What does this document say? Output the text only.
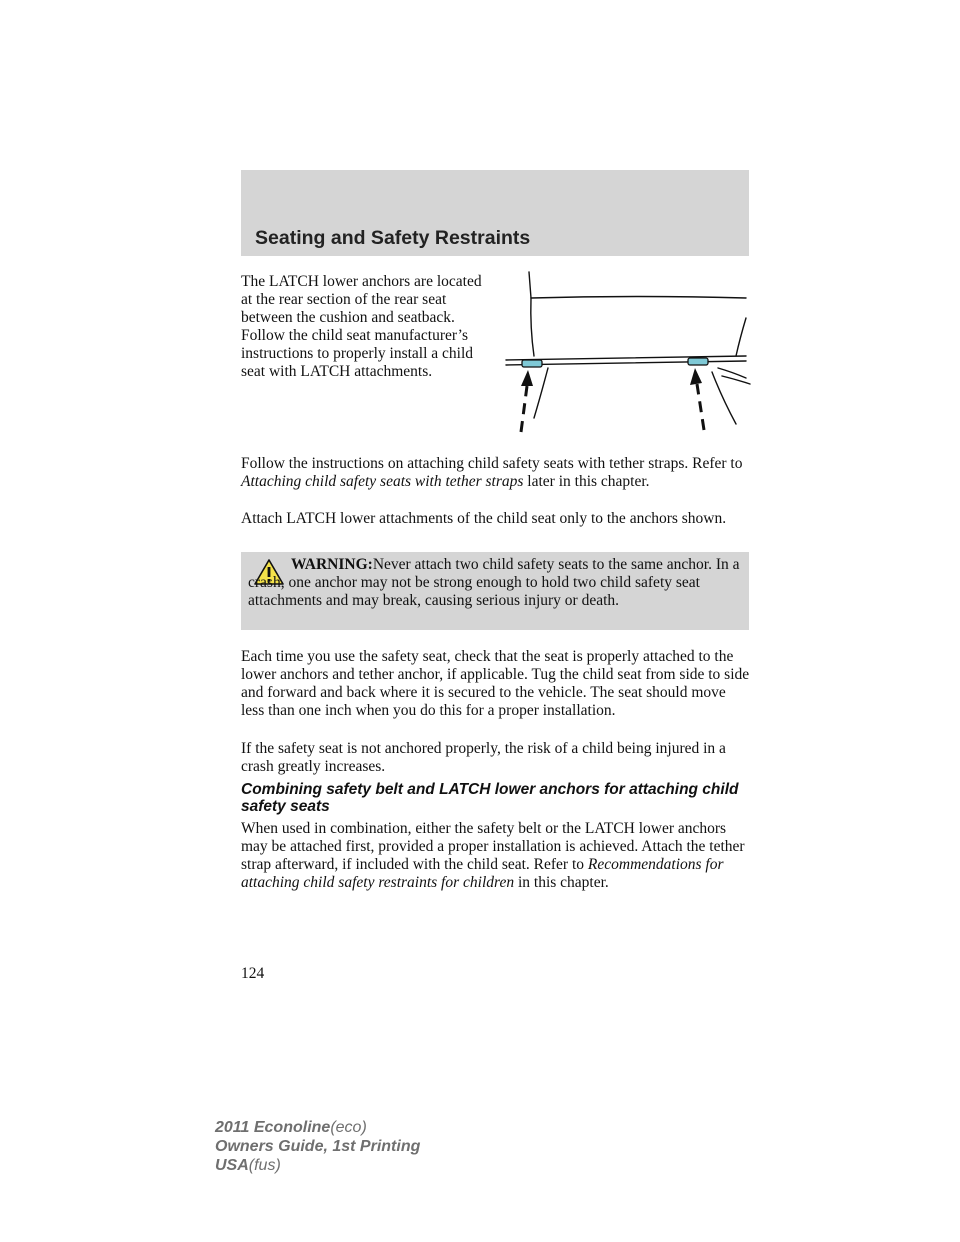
Seating and Safety Restraints

The LATCH lower anchors are located at the rear section of the rear seat between the cushion and seatback. Follow the child seat manufacturer’s instructions to properly install a child seat with LATCH attachments.

Follow the instructions on attaching child safety seats with tether straps. Refer to Attaching child safety seats with tether straps later in this chapter.

Attach LATCH lower attachments of the child seat only to the anchors shown.

WARNING:Never attach two child safety seats to the same anchor. In a crash, one anchor may not be strong enough to hold two child safety seat attachments and may break, causing serious injury or death.

Each time you use the safety seat, check that the seat is properly attached to the lower anchors and tether anchor, if applicable. Tug the child seat from side to side and forward and back where it is secured to the vehicle. The seat should move less than one inch when you do this for a proper installation.

If the safety seat is not anchored properly, the risk of a child being injured in a crash greatly increases.

Combining safety belt and LATCH lower anchors for attaching child safety seats

When used in combination, either the safety belt or the LATCH lower anchors may be attached first, provided a proper installation is achieved. Attach the tether strap afterward, if included with the child seat. Refer to Recommendations for attaching child safety restraints for children in this chapter.

124

2011 Econoline(eco)
Owners Guide, 1st Printing
USA(fus)
